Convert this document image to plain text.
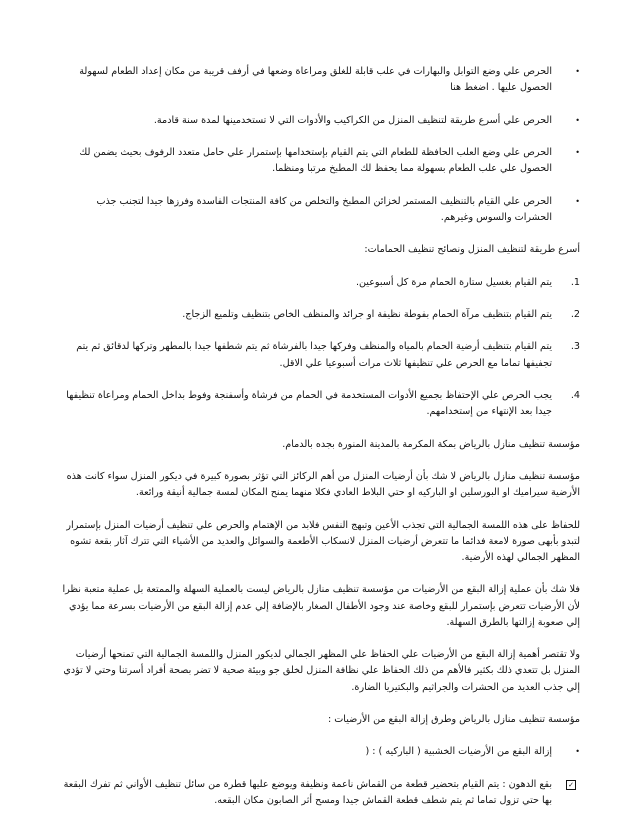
•
الحرص علي وضع التوابل والبهارات في علب قابلة للغلق ومراعاة وضعها في أرفف قريبة من مكان إعداد الطعام لسهولة الحصول عليها . اضغط هنا

•
الحرص علي أسرع طريقة لتنظيف المنزل من الكراكيب والأدوات التي لا تستخدمينها لمدة سنة قادمة.

•
الحرص علي وضع العلب الحافظة للطعام التي يتم القيام بإستخدامها بإستمرار علي حامل متعدد الرفوف بحيث يضمن لك الحصول علي علب الطعام بسهولة مما يحفظ لك المطبخ مرتبا ومنظما.

•
الحرص علي القيام بالتنظيف المستمر لخزائن المطبخ والتخلص من كافة المنتجات الفاسدة وفرزها جيدا لتجنب جذب الحشرات والسوس وغيرهم.

أسرع طريقة لتنظيف المنزل ونصائح تنظيف الحمامات:

1.
يتم القيام بغسيل ستارة الحمام مرة كل أسبوعين.

2.
يتم القيام بتنظيف مرآة الحمام بفوطة نظيفة او جرائد والمنظف الخاص بتنظيف وتلميع الزجاج.

3.
يتم القيام بتنظيف أرضية الحمام بالمياه والمنظف وفركها جيدا بالفرشاة ثم يتم شطفها جيدا بالمطهر وتركها لدقائق ثم يتم تجفيفها تماما مع الحرص علي تنظيفها ثلاث مرات أسبوعيا علي الاقل.

4.
يجب الحرص علي الإحتفاظ بجميع الأدوات المستخدمة في الحمام من فرشاة وأسفنجة وفوط بداخل الحمام ومراعاة تنظيفها جيدا بعد الإنتهاء من إستخدامهم.

مؤسسة تنظيف منازل بالرياض بمكة المكرمة بالمدينة المنورة بجده بالدمام.

مؤسسة تنظيف منازل بالرياض لا شك بأن أرضيات المنزل من أهم الركائز التي تؤثر بصورة كبيرة في ديكور المنزل سواء كانت هذه الأرضية سيراميك او البورسلين او الباركيه او حتي البلاط العادي فكلا منهما يمنح المكان لمسة جمالية أنيقة ورائعة.

للحفاظ على هذه اللمسة الجمالية التي تجذب الأعين وتبهج النفس فلابد من الإهتمام والحرص علي تنظيف أرضيات المنزل بإستمرار لتبدو بأبهى صورة لامعة فدائما ما تتعرض أرضيات المنزل لانسكاب الأطعمة والسوائل والعديد من الأشياء التي تترك آثار بقعة تشوه المظهر الجمالي لهذه الأرضية.

فلا شك بأن عملية إزالة البقع من الأرضيات من مؤسسة تنظيف منازل بالرياض ليست بالعملية السهلة والممتعة بل عملية متعبة نظرا لأن الأرضيات تتعرض بإستمرار للبقع وخاصة عند وجود الأطفال الصغار بالإضافة إلي عدم إزالة البقع من الأرضيات بسرعة مما يؤدي إلي صعوبة إزالتها بالطرق السهلة.

ولا تقتصر أهمية إزالة البقع من الأرضيات علي الحفاظ علي المظهر الجمالي لديكور المنزل واللمسة الجمالية التي تمنحها أرضيات المنزل بل تتعدي ذلك بكثير فالأهم من ذلك الحفاظ علي نظافة المنزل لخلق جو وبيئة صحية لا تضر بصحة أفراد أسرتنا وحتي لا تؤدي إلي جذب العديد من الحشرات والجراثيم والبكتيريا الضارة.

مؤسسة تنظيف منازل بالرياض وطرق إزالة البقع من الأرضيات :

•
إزالة البقع من الأرضيات الخشبية ( الباركيه ) : (

✓
بقع الدهون : يتم القيام بتحضير قطعة من القماش ناعمة ونظيفة ويوضع عليها قطرة من سائل تنظيف الأواني ثم تفرك البقعة بها حتي تزول تماما ثم يتم شطف قطعة القماش جيدا ومسح أثر الصابون مكان البقعه.
